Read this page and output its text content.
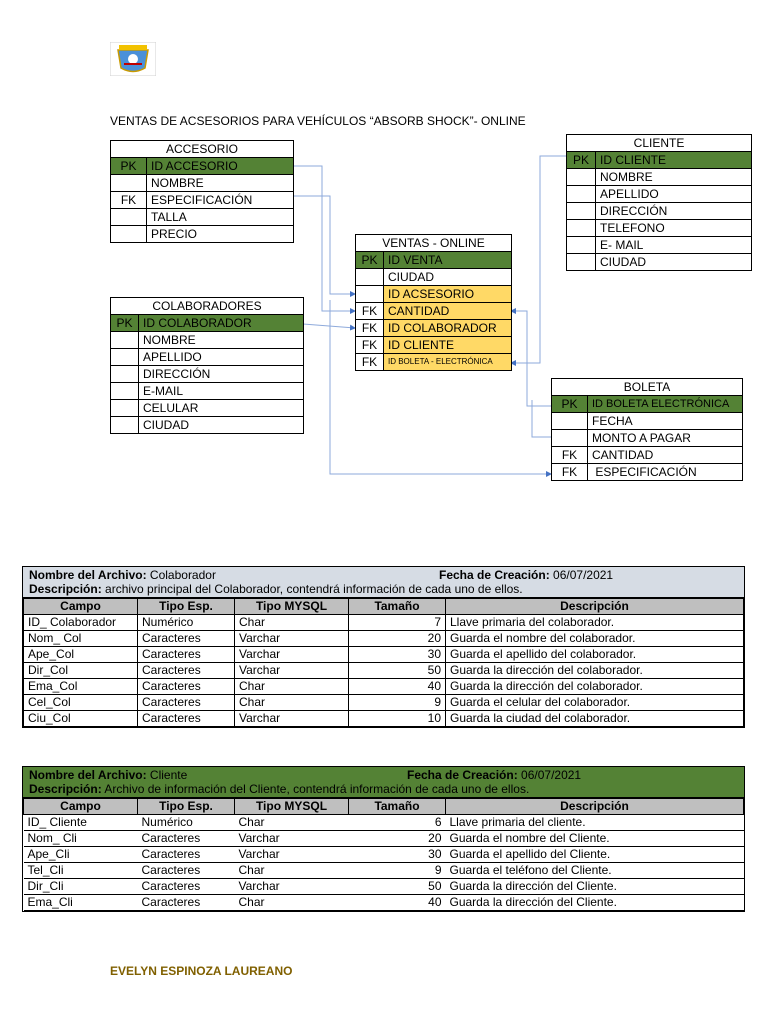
VENTAS DE ACSESORIOS PARA VEHÍCULOS “ABSORB SHOCK”- ONLINE
ACCESORIO	
PK	ID ACCESORIO
	NOMBRE
FK	ESPECIFICACIÓN
	TALLA
	PRECIO
COLABORADORES	
PK	ID COLABORADOR
	NOMBRE
	APELLIDO
	DIRECCIÓN
	E-MAIL
	CELULAR
	CIUDAD
VENTAS - ONLINE	
PK	ID VENTA
	CIUDAD
	ID ACSESORIO
FK	CANTIDAD
FK	ID COLABORADOR
FK	ID CLIENTE
FK	ID BOLETA - ELECTRÓNICA
CLIENTE	
PK	ID CLIENTE
	NOMBRE
	APELLIDO
	DIRECCIÓN
	TELEFONO
	E- MAIL
	CIUDAD
BOLETA	
PK	ID BOLETA ELECTRÓNICA
	FECHA
	MONTO A PAGAR
FK	CANTIDAD
FK	ESPECIFICACIÓN
Nombre del Archivo: Colaborador	Fecha de Creación: 06/07/2021
Descripción: archivo principal del Colaborador, contendrá información de cada uno de ellos.
Campo	Tipo Esp.	Tipo MYSQL	Tamaño	Descripción
ID_ Colaborador	Numérico	Char	7	Llave primaria del colaborador.
Nom_ Col	Caracteres	Varchar	20	Guarda el nombre del colaborador.
Ape_Col	Caracteres	Varchar	30	Guarda el apellido del colaborador.
Dir_Col	Caracteres	Varchar	50	Guarda la dirección del colaborador.
Ema_Col	Caracteres	Char	40	Guarda la dirección del colaborador.
Cel_Col	Caracteres	Char	9	Guarda el celular del colaborador.
Ciu_Col	Caracteres	Varchar	10	Guarda la ciudad del colaborador.
Nombre del Archivo: Cliente	Fecha de Creación: 06/07/2021
Descripción: Archivo de información del Cliente, contendrá información de cada uno de ellos.
Campo	Tipo Esp.	Tipo MYSQL	Tamaño	Descripción
ID_ Cliente	Numérico	Char	6	Llave primaria del cliente.
Nom_ Cli	Caracteres	Varchar	20	Guarda el nombre del Cliente.
Ape_Cli	Caracteres	Varchar	30	Guarda el apellido del Cliente.
Tel_Cli	Caracteres	Char	9	Guarda el teléfono del Cliente.
Dir_Cli	Caracteres	Varchar	50	Guarda la dirección del Cliente.
Ema_Cli	Caracteres	Char	40	Guarda la dirección del Cliente.
EVELYN ESPINOZA LAUREANO
